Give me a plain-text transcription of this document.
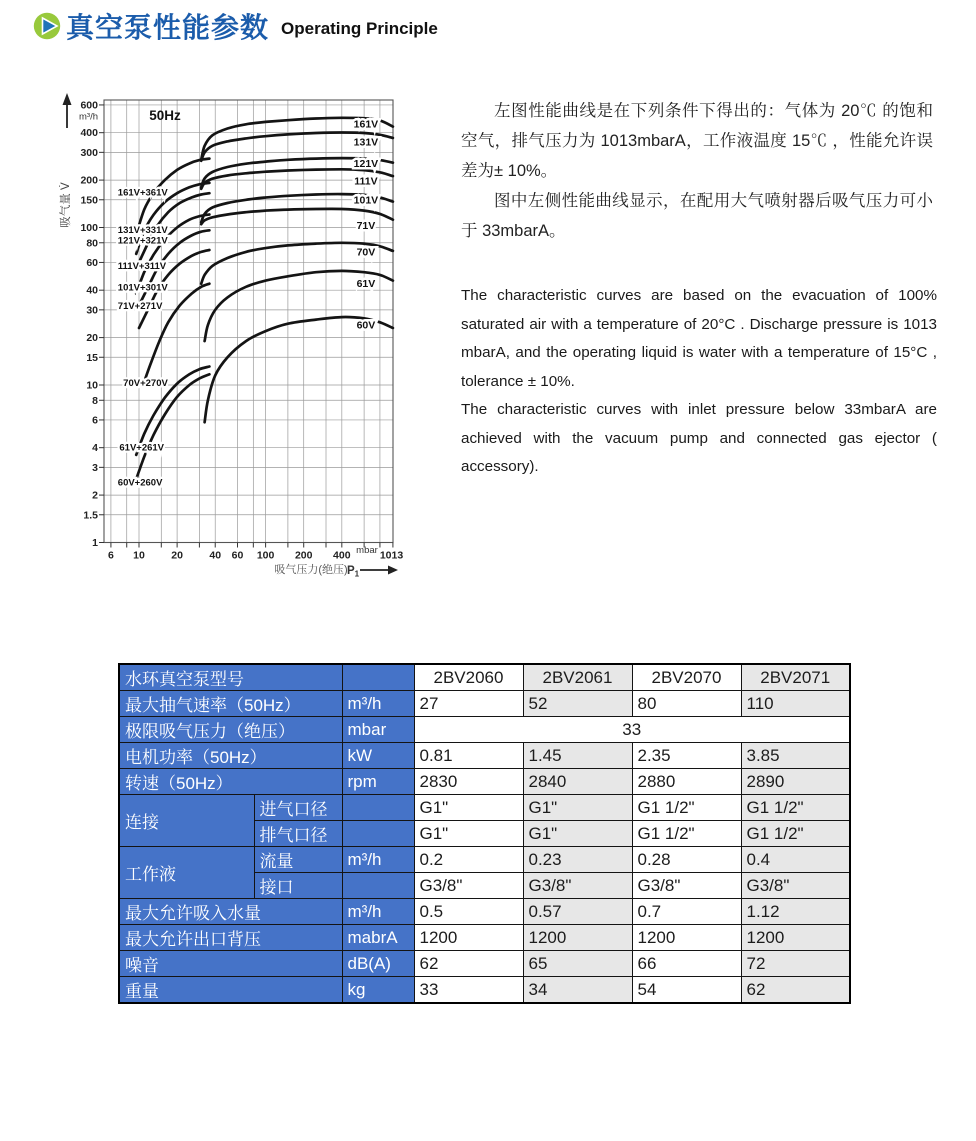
真空泵性能参数 Operating Principle
6 10	20	40 60 100 200 400	1013
mbar
600
400
300
200
150
100
80
60
40
30
20
15
10
8
6
4
3
2
1.5
1
m³/h	50Hz
吸气量 V̇
吸气压力(绝压) $P_1$
161V
131V
121V
111V
101V
71V
70V
61V
60V
161V+361V
131V+331V
121V+321V
111V+311V
101V+301V
71V+271V
70V+270V
61V+261V
60V+260V

左图性能曲线是在下列条件下得出的：气体为 20℃ 的饱和空气，排气压力为 1013mbarA，工作液温度 15℃ ，性能允许误差为± 10%。

图中左侧性能曲线显示，在配用大气喷射器后吸气压力可小于 33mbarA。

The characteristic curves are based on the evacuation of 100% saturated air with a temperature of 20°C . Discharge pressure is 1013 mbarA, and the operating liquid is water with a temperature of 15°C , tolerance ± 10%.

The characteristic curves with inlet pressure below 33mbarA are achieved with the vacuum pump and connected gas ejector ( accessory).

水环真空泵型号			2BV2060	2BV2061	2BV2070	2BV2071
最大抽气速率（50Hz）		m³/h	27	52	80	110
极限吸气压力（绝压）		mbar	33			
电机功率（50Hz）		kW	0.81	1.45	2.35	3.85
转速（50Hz）		rpm	2830	2840	2880	2890
连接	进气口径		G1"	G1"	G1 1/2"	G1 1/2"
	排气口径		G1"	G1"	G1 1/2"	G1 1/2"
工作液	流量	m³/h	0.2	0.23	0.28	0.4
	接口		G3/8"	G3/8"	G3/8"	G3/8"
最大允许吸入水量		m³/h	0.5	0.57	0.7	1.12
最大允许出口背压		mabrA	1200	1200	1200	1200
噪音		dB(A)	62	65	66	72
重量		kg	33	34	54	62
